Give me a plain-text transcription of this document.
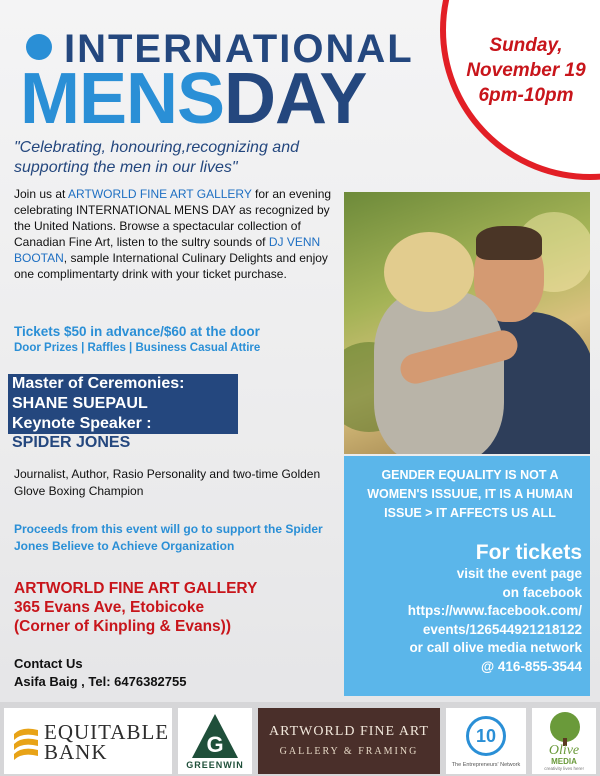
Sunday,
November 19
6pm-10pm
INTERNATIONAL
MENSDAY
"Celebrating, honouring,recognizing and supporting the men in our lives"
Join us at ARTWORLD FINE ART GALLERY for an evening celebrating INTERNATIONAL MENS DAY as recognized by the United Nations. Browse a spectacular collection of Canadian Fine Art, listen to the sultry sounds of DJ VENN BOOTAN, sample International Culinary Delights and enjoy one complimentarty drink with your ticket purchase.
Tickets $50 in advance/$60 at the door
Door Prizes | Raffles | Business Casual Attire
Master of Ceremonies:
SHANE SUEPAUL
Keynote Speaker :
SPIDER JONES
Journalist, Author, Rasio Personality and two-time Golden Glove Boxing Champion
Proceeds from this event will go to support the Spider Jones Believe to Achieve Organization
ARTWORLD FINE ART GALLERY
365 Evans Ave, Etobicoke
(Corner of Kinpling & Evans))
Contact Us
Asifa Baig , Tel: 6476382755
GENDER EQUALITY IS NOT A WOMEN'S ISSUUE, IT IS A HUMAN ISSUE > IT AFFECTS US ALL
For tickets
visit the event page
on facebook
https://www.facebook.com/
events/126544921218122
or call olive media network
@ 416-855-3544
EQUITABLE
BANK	G
GREENWIN
ARTWORLD FINE ART
GALLERY & FRAMING
10
The Entrepreneurs' Network
Olive
MEDIA
creativity lives here!
